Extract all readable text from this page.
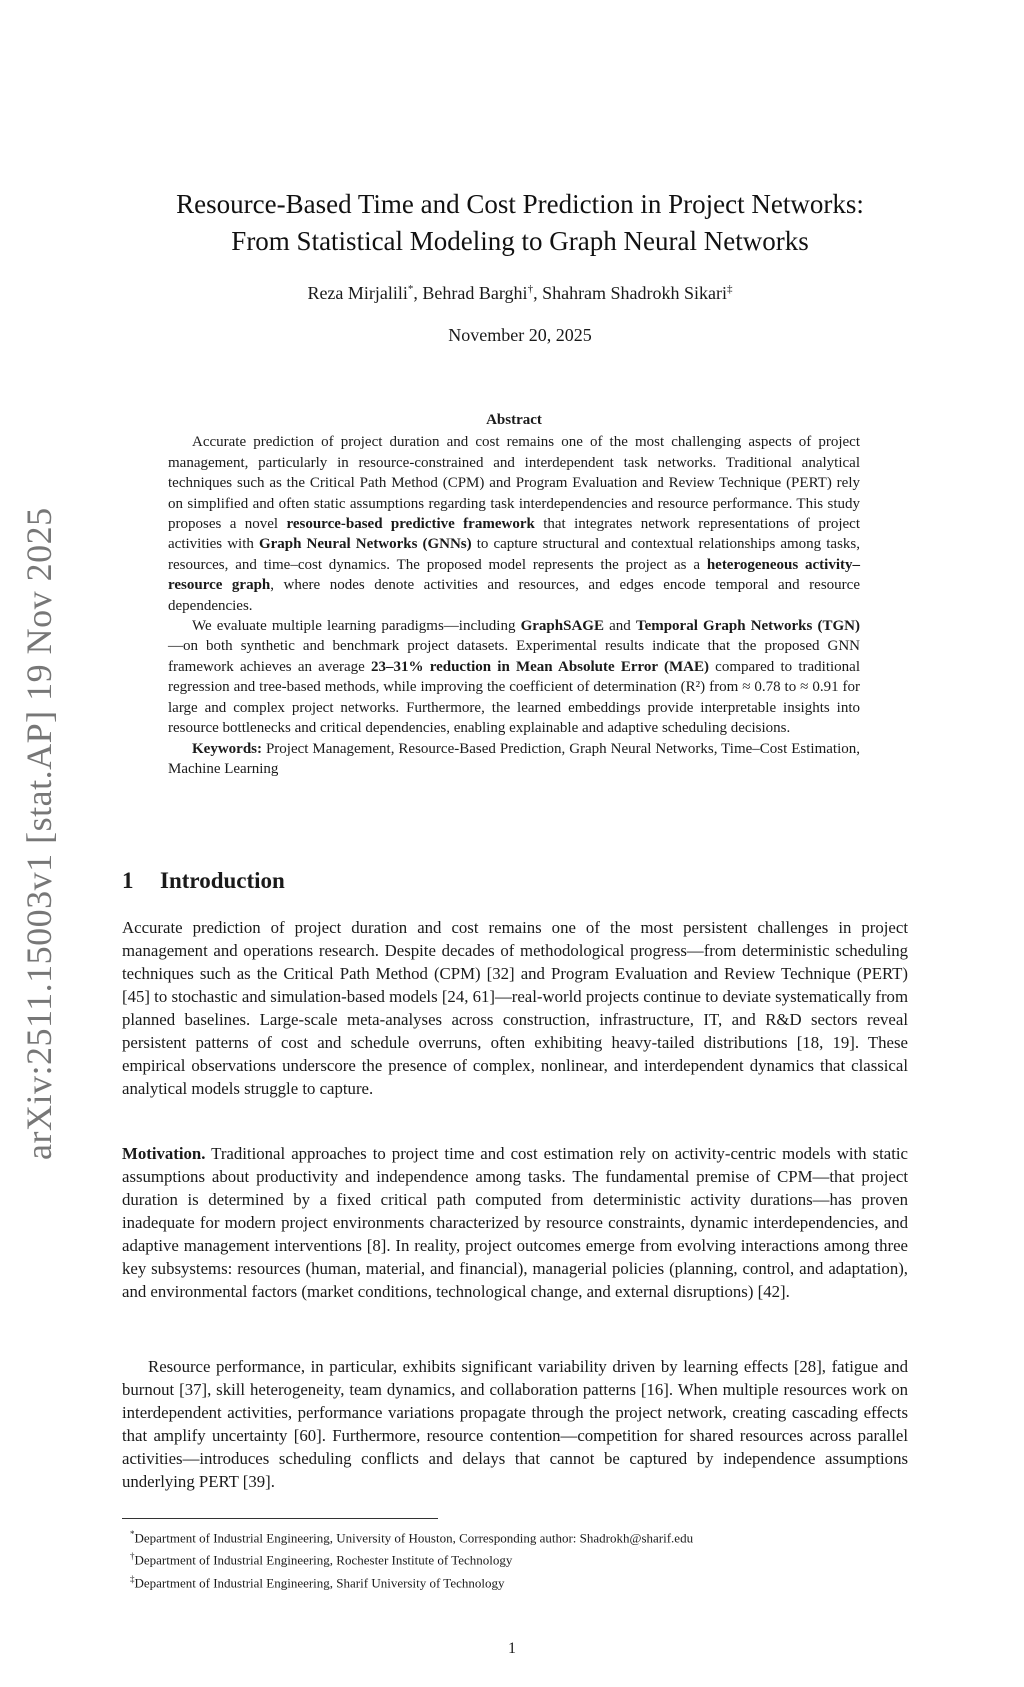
arXiv:2511.15003v1 [stat.AP] 19 Nov 2025
Resource-Based Time and Cost Prediction in Project Networks:
From Statistical Modeling to Graph Neural Networks
Reza Mirjalili*, Behrad Barghi†, Shahram Shadrokh Sikari‡
November 20, 2025
Abstract

Accurate prediction of project duration and cost remains one of the most challenging aspects of project management, particularly in resource-constrained and interdependent task networks. Traditional analytical techniques such as the Critical Path Method (CPM) and Program Evaluation and Review Technique (PERT) rely on simplified and often static assumptions regarding task interdependencies and resource performance. This study proposes a novel resource-based predictive framework that integrates network representations of project activities with Graph Neural Networks (GNNs) to capture structural and contextual relationships among tasks, resources, and time–cost dynamics. The proposed model represents the project as a heterogeneous activity–resource graph, where nodes denote activities and resources, and edges encode temporal and resource dependencies.

We evaluate multiple learning paradigms—including GraphSAGE and Temporal Graph Networks (TGN)—on both synthetic and benchmark project datasets. Experimental results indicate that the proposed GNN framework achieves an average 23–31% reduction in Mean Absolute Error (MAE) compared to traditional regression and tree-based methods, while improving the coefficient of determination (R²) from ≈ 0.78 to ≈ 0.91 for large and complex project networks. Furthermore, the learned embeddings provide interpretable insights into resource bottlenecks and critical dependencies, enabling explainable and adaptive scheduling decisions.

Keywords: Project Management, Resource-Based Prediction, Graph Neural Networks, Time–Cost Estimation, Machine Learning

1 Introduction

Accurate prediction of project duration and cost remains one of the most persistent challenges in project management and operations research. Despite decades of methodological progress—from deterministic scheduling techniques such as the Critical Path Method (CPM) [32] and Program Evaluation and Review Technique (PERT) [45] to stochastic and simulation-based models [24, 61]—real-world projects continue to deviate systematically from planned baselines. Large-scale meta-analyses across construction, infrastructure, IT, and R&D sectors reveal persistent patterns of cost and schedule overruns, often exhibiting heavy-tailed distributions [18, 19]. These empirical observations underscore the presence of complex, nonlinear, and interdependent dynamics that classical analytical models struggle to capture.

Motivation. Traditional approaches to project time and cost estimation rely on activity-centric models with static assumptions about productivity and independence among tasks. The fundamental premise of CPM—that project duration is determined by a fixed critical path computed from deterministic activity durations—has proven inadequate for modern project environments characterized by resource constraints, dynamic interdependencies, and adaptive management interventions [8]. In reality, project outcomes emerge from evolving interactions among three key subsystems: resources (human, material, and financial), managerial policies (planning, control, and adaptation), and environmental factors (market conditions, technological change, and external disruptions) [42].

Resource performance, in particular, exhibits significant variability driven by learning effects [28], fatigue and burnout [37], skill heterogeneity, team dynamics, and collaboration patterns [16]. When multiple resources work on interdependent activities, performance variations propagate through the project network, creating cascading effects that amplify uncertainty [60]. Furthermore, resource contention—competition for shared resources across parallel activities—introduces scheduling conflicts and delays that cannot be captured by independence assumptions underlying PERT [39].

*Department of Industrial Engineering, University of Houston, Corresponding author: Shadrokh@sharif.edu
†Department of Industrial Engineering, Rochester Institute of Technology
‡Department of Industrial Engineering, Sharif University of Technology
1
